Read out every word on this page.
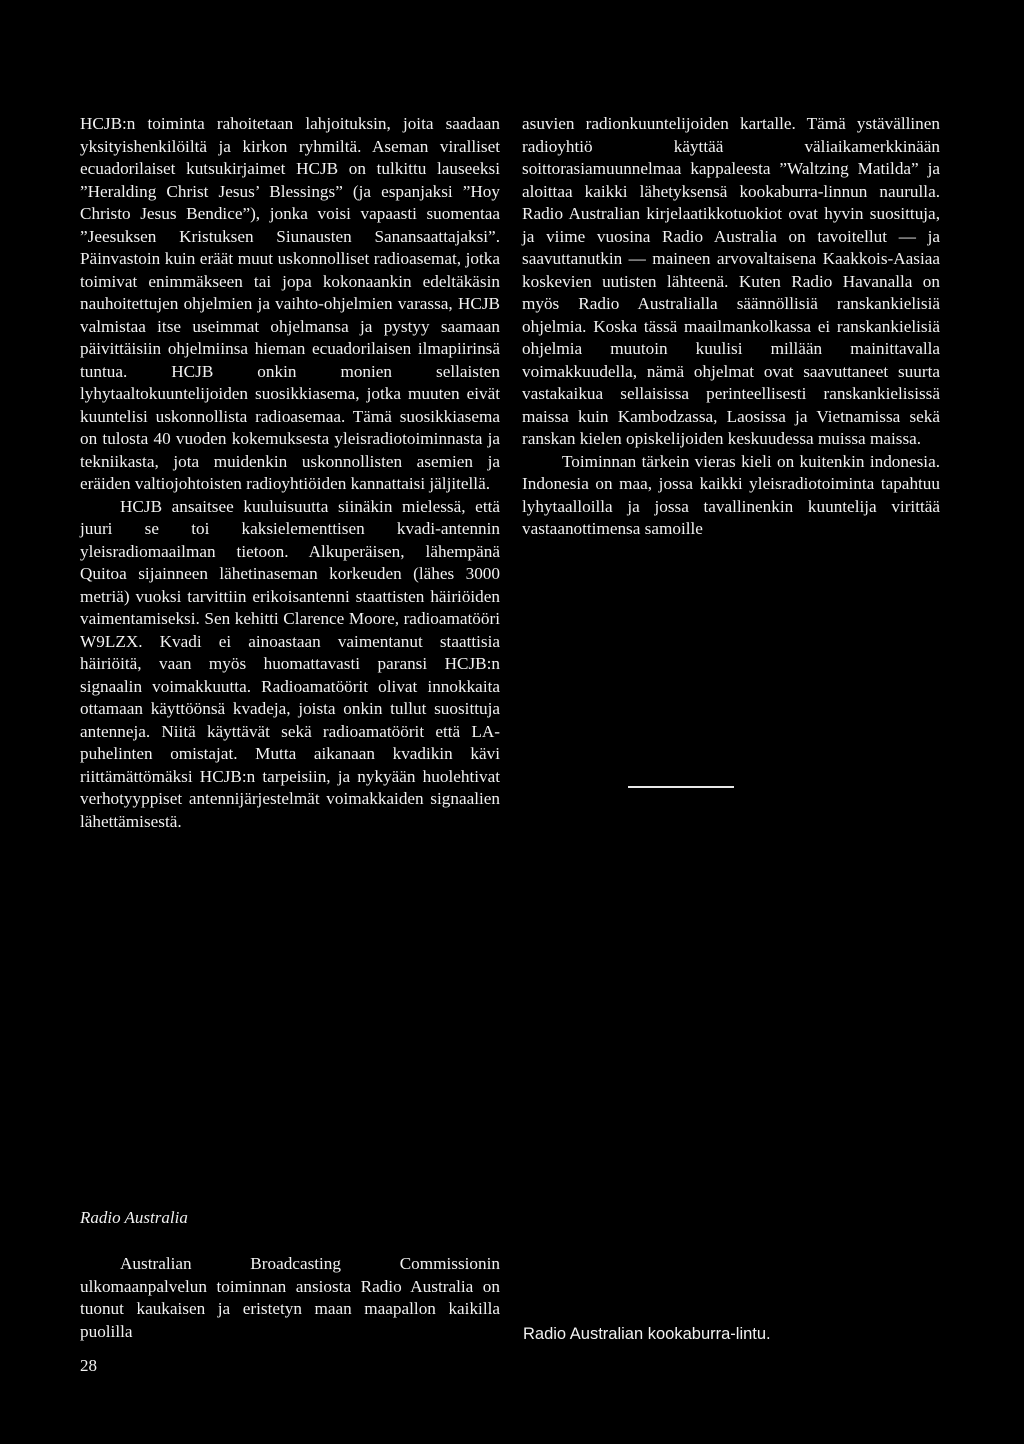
HCJB:n toiminta rahoitetaan lahjoituksin, joita saadaan yksityishenkilöiltä ja kirkon ryhmiltä. Aseman viralliset ecuadorilaiset kutsukirjaimet HCJB on tulkittu lauseeksi ”Heralding Christ Jesus’ Blessings” (ja espanjaksi ”Hoy Christo Jesus Bendice”), jonka voisi vapaasti suomentaa ”Jeesuksen Kristuksen Siunausten Sanansaattajaksi”. Päinvastoin kuin eräät muut uskonnolliset radioasemat, jotka toimivat enimmäkseen tai jopa kokonaankin edeltäkäsin nauhoitettujen ohjelmien ja vaihto-ohjelmien varassa, HCJB valmistaa itse useimmat ohjelmansa ja pystyy saamaan päivittäisiin ohjelmiinsa hieman ecuadorilaisen ilmapiirinsä tuntua. HCJB onkin monien sellaisten lyhytaaltokuuntelijoiden suosikkiasema, jotka muuten eivät kuuntelisi uskonnollista radioasemaa. Tämä suosikkiasema on tulosta 40 vuoden kokemuksesta yleisradiotoiminnasta ja tekniikasta, jota muidenkin uskonnollisten asemien ja eräiden valtiojohtoisten radioyhtiöiden kannattaisi jäljitellä.

HCJB ansaitsee kuuluisuutta siinäkin mielessä, että juuri se toi kaksielementtisen kvadi-antennin yleisradiomaailman tietoon. Alkuperäisen, lähempänä Quitoa sijainneen lähetinaseman korkeuden (lähes 3000 metriä) vuoksi tarvittiin erikoisantenni staattisten häiriöiden vaimentamiseksi. Sen kehitti Clarence Moore, radioamatööri W9LZX. Kvadi ei ainoastaan vaimentanut staattisia häiriöitä, vaan myös huomattavasti paransi HCJB:n signaalin voimakkuutta. Radioamatöörit olivat innokkaita ottamaan käyttöönsä kvadeja, joista onkin tullut suosittuja antenneja. Niitä käyttävät sekä radioamatöörit että LA-puhelinten omistajat. Mutta aikanaan kvadikin kävi riittämättömäksi HCJB:n tarpeisiin, ja nykyään huolehtivat verhotyyppiset antennijärjestelmät voimakkaiden signaalien lähettämisestä.

asuvien radionkuuntelijoiden kartalle. Tämä ystävällinen radioyhtiö käyttää väliaikamerkkinään soittorasiamuunnelmaa kappaleesta ”Waltzing Matilda” ja aloittaa kaikki lähetyksensä kookaburra-linnun naurulla. Radio Australian kirjelaatikkotuokiot ovat hyvin suosittuja, ja viime vuosina Radio Australia on tavoitellut — ja saavuttanutkin — maineen arvovaltaisena Kaakkois-Aasiaa koskevien uutisten lähteenä. Kuten Radio Havanalla on myös Radio Australialla säännöllisiä ranskankielisiä ohjelmia. Koska tässä maailmankolkassa ei ranskankielisiä ohjelmia muutoin kuulisi millään mainittavalla voimakkuudella, nämä ohjelmat ovat saavuttaneet suurta vastakaikua sellaisissa perinteellisesti ranskankielisissä maissa kuin Kambodzassa, Laosissa ja Vietnamissa sekä ranskan kielen opiskelijoiden keskuudessa muissa maissa.

Toiminnan tärkein vieras kieli on kuitenkin indonesia. Indonesia on maa, jossa kaikki yleisradiotoiminta tapahtuu lyhytaalloilla ja jossa tavallinenkin kuuntelija virittää vastaanottimensa samoille

Radio Australia

Australian Broadcasting Commissionin ulkomaanpalvelun toiminnan ansiosta Radio Australia on tuonut kaukaisen ja eristetyn maan maapallon kaikilla puolilla	Radio Australian kookaburra-lintu.
28
